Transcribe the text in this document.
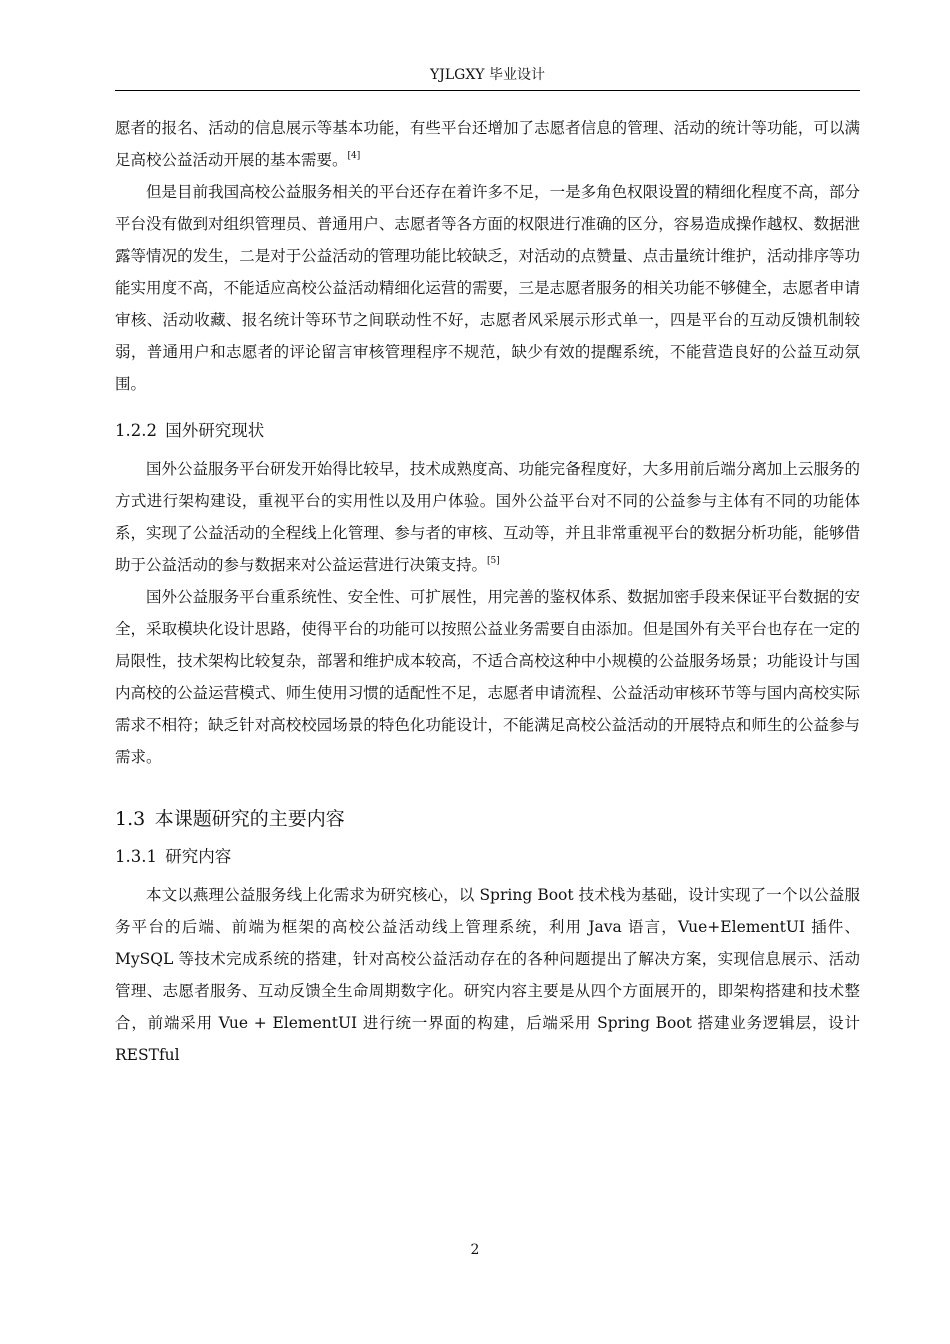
YJLGXY 毕业设计

愿者的报名、活动的信息展示等基本功能，有些平台还增加了志愿者信息的管理、活动的统计等功能，可以满足高校公益活动开展的基本需要。[4]

但是目前我国高校公益服务相关的平台还存在着许多不足，一是多角色权限设置的精细化程度不高，部分平台没有做到对组织管理员、普通用户、志愿者等各方面的权限进行准确的区分，容易造成操作越权、数据泄露等情况的发生，二是对于公益活动的管理功能比较缺乏，对活动的点赞量、点击量统计维护，活动排序等功能实用度不高，不能适应高校公益活动精细化运营的需要，三是志愿者服务的相关功能不够健全，志愿者申请审核、活动收藏、报名统计等环节之间联动性不好，志愿者风采展示形式单一，四是平台的互动反馈机制较弱，普通用户和志愿者的评论留言审核管理程序不规范，缺少有效的提醒系统，不能营造良好的公益互动氛围。

1.2.2 国外研究现状

国外公益服务平台研发开始得比较早，技术成熟度高、功能完备程度好，大多用前后端分离加上云服务的方式进行架构建设，重视平台的实用性以及用户体验。国外公益平台对不同的公益参与主体有不同的功能体系，实现了公益活动的全程线上化管理、参与者的审核、互动等，并且非常重视平台的数据分析功能，能够借助于公益活动的参与数据来对公益运营进行决策支持。[5]

国外公益服务平台重系统性、安全性、可扩展性，用完善的鉴权体系、数据加密手段来保证平台数据的安全，采取模块化设计思路，使得平台的功能可以按照公益业务需要自由添加。但是国外有关平台也存在一定的局限性，技术架构比较复杂，部署和维护成本较高，不适合高校这种中小规模的公益服务场景；功能设计与国内高校的公益运营模式、师生使用习惯的适配性不足，志愿者申请流程、公益活动审核环节等与国内高校实际需求不相符；缺乏针对高校校园场景的特色化功能设计，不能满足高校公益活动的开展特点和师生的公益参与需求。

1.3 本课题研究的主要内容
1.3.1 研究内容

本文以燕理公益服务线上化需求为研究核心，以 Spring Boot 技术栈为基础，设计实现了一个以公益服务平台的后端、前端为框架的高校公益活动线上管理系统，利用 Java 语言，Vue+ElementUI 插件、MySQL 等技术完成系统的搭建，针对高校公益活动存在的各种问题提出了解决方案，实现信息展示、活动管理、志愿者服务、互动反馈全生命周期数字化。研究内容主要是从四个方面展开的，即架构搭建和技术整合，前端采用 Vue + ElementUI 进行统一界面的构建，后端采用 Spring Boot 搭建业务逻辑层，设计 RESTful

2
